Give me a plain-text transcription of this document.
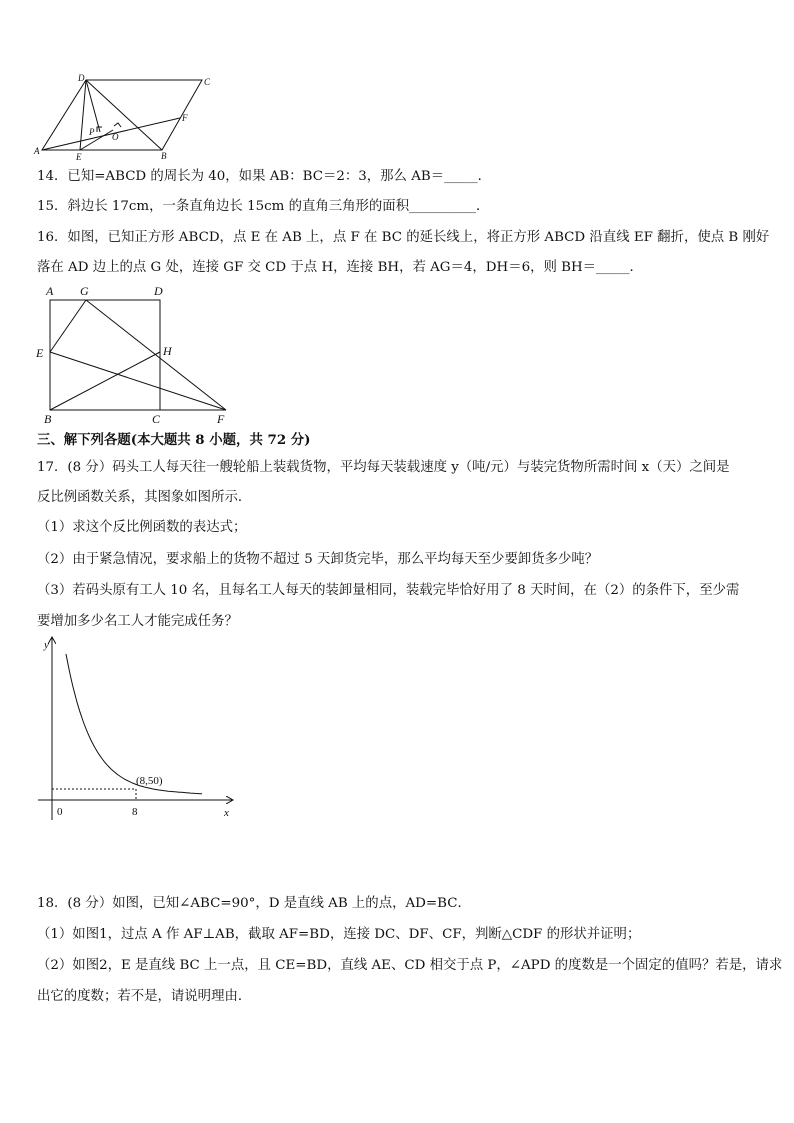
D	C
A	B
E
F
P O
14．已知=ABCD 的周长为 40，如果 AB：BC＝2：3，那么 AB＝_____．
15．斜边长 17cm，一条直角边长 15cm 的直角三角形的面积__________．
16．如图，已知正方形 ABCD，点 E 在 AB 上，点 F 在 BC 的延长线上，将正方形 ABCD 沿直线 EF 翻折，使点 B 刚好
落在 AD 边上的点 G 处，连接 GF 交 CD 于点 H，连接 BH，若 AG＝4，DH＝6，则 BH＝_____．
A G	D
E	H
B	C	F
三、解下列各题(本大题共 8 小题，共 72 分)
17．(8 分）码头工人每天往一艘轮船上装载货物，平均每天装载速度 y（吨/元）与装完货物所需时间 x（天）之间是
反比例函数关系，其图象如图所示．
（1）求这个反比例函数的表达式；
（2）由于紧急情况，要求船上的货物不超过 5 天卸货完毕，那么平均每天至少要卸货多少吨？
（3）若码头原有工人 10 名，且每名工人每天的装卸量相同，装载完毕恰好用了 8 天时间，在（2）的条件下，至少需
要增加多少名工人才能完成任务？
y
x
0	8
(8,50)
18．(8 分）如图，已知∠ABC=90°，D 是直线 AB 上的点，AD=BC．
（1）如图1，过点 A 作 AF⊥AB，截取 AF=BD，连接 DC、DF、CF，判断△CDF 的形状并证明；
（2）如图2，E 是直线 BC 上一点，且 CE=BD，直线 AE、CD 相交于点 P，∠APD 的度数是一个固定的值吗？若是，请求
出它的度数；若不是，请说明理由．
